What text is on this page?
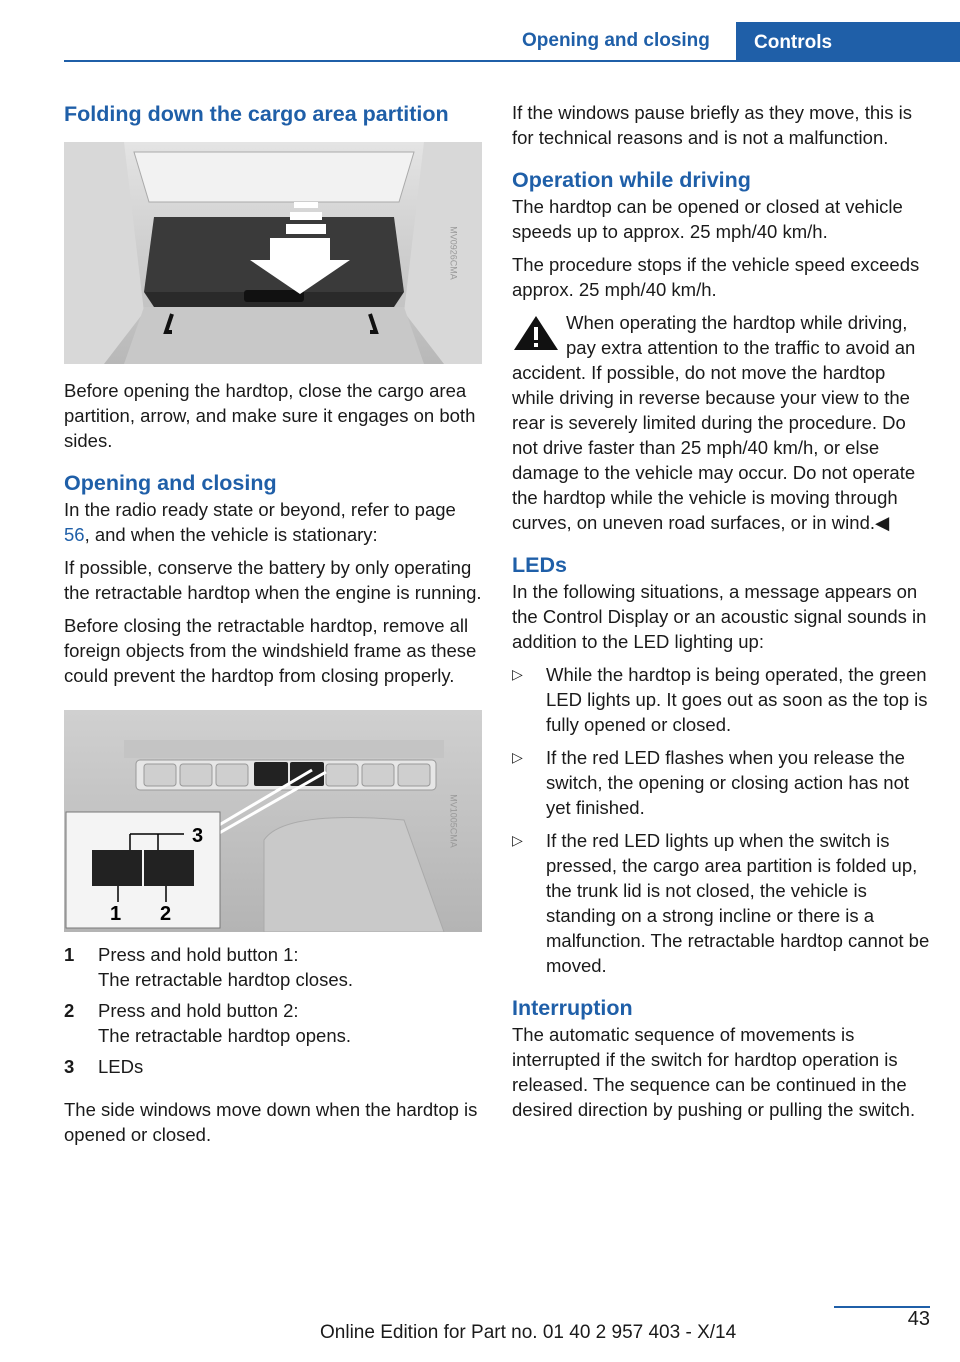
Opening and closing	Controls
Folding down the cargo area partition
MV0926CMA

Before opening the hardtop, close the cargo area partition, arrow, and make sure it engages on both sides.

Opening and closing

In the radio ready state or beyond, refer to page 56, and when the vehicle is stationary:

If possible, conserve the battery by only operating the retractable hardtop when the engine is running.

Before closing the retractable hardtop, remove all foreign objects from the windshield frame as these could prevent the hardtop from closing properly.

1 2
3	MV1005CMA
1	Press and hold button 1:
The retractable hardtop closes.
2	Press and hold button 2:
The retractable hardtop opens.
3	LEDs

The side windows move down when the hardtop is opened or closed.

If the windows pause briefly as they move, this is for technical reasons and is not a malfunction.

Operation while driving

The hardtop can be opened or closed at vehicle speeds up to approx. 25 mph/40 km/h.

The procedure stops if the vehicle speed exceeds approx. 25 mph/40 km/h.

When operating the hardtop while driving, pay extra attention to the traffic to avoid an accident. If possible, do not move the hardtop while driving in reverse because your view to the rear is severely limited during the procedure. Do not drive faster than 25 mph/40 km/h, or else damage to the vehicle may occur. Do not operate the hardtop while the vehicle is moving through curves, on uneven road surfaces, or in wind.◀
LEDs

In the following situations, a message appears on the Control Display or an acoustic signal sounds in addition to the LED lighting up:

▷	While the hardtop is being operated, the green LED lights up. It goes out as soon as the top is fully opened or closed.
▷	If the red LED flashes when you release the switch, the opening or closing action has not yet finished.
▷	If the red LED lights up when the switch is pressed, the cargo area partition is folded up, the trunk lid is not closed, the vehicle is standing on a strong incline or there is a malfunction. The retractable hardtop cannot be moved.
Interruption

The automatic sequence of movements is interrupted if the switch for hardtop operation is released. The sequence can be continued in the desired direction by pushing or pulling the switch.

Online Edition for Part no. 01 40 2 957 403 - X/14
43
